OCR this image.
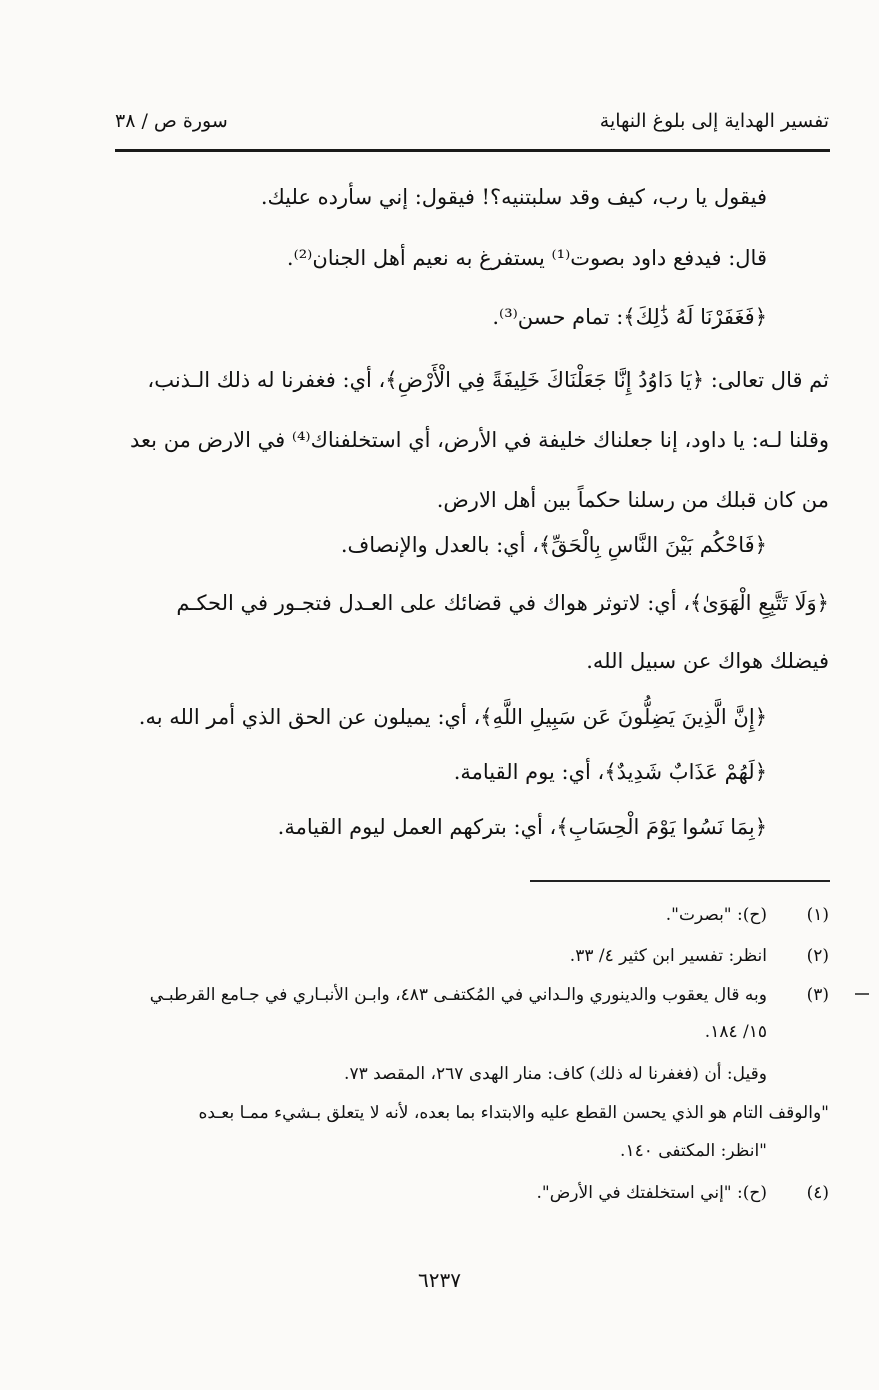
تفسير الهداية إلى بلوغ النهاية
سورة ص / ٣٨
فيقول يا رب، كيف وقد سلبتنيه؟! فيقول: إني سأرده عليك.
قال: فيدفع داود بصوت⁽¹⁾ يستفرغ به نعيم أهل الجنان⁽²⁾.
﴿فَغَفَرْنَا لَهُ ذَٰلِكَ﴾: تمام حسن⁽³⁾.
ثم قال تعالى: ﴿يَا دَاوُدُ إِنَّا جَعَلْنَاكَ خَلِيفَةً فِي الْأَرْضِ﴾، أي: فغفرنا له ذلك الـذنب،
وقلنا لـه: يا داود، إنا جعلناك خليفة في الأرض، أي استخلفناك⁽⁴⁾ في الارض من بعد
من كان قبلك من رسلنا حكماً بين أهل الارض.
﴿فَاحْكُم بَيْنَ النَّاسِ بِالْحَقِّ﴾، أي: بالعدل والإنصاف.
﴿وَلَا تَتَّبِعِ الْهَوَىٰ﴾، أي: لاتوثر هواك في قضائك على العـدل فتجـور في الحكـم
فيضلك هواك عن سبيل الله.
﴿إِنَّ الَّذِينَ يَضِلُّونَ عَن سَبِيلِ اللَّهِ﴾، أي: يميلون عن الحق الذي أمر الله به.
﴿لَهُمْ عَذَابٌ شَدِيدٌ﴾، أي: يوم القيامة.
﴿بِمَا نَسُوا يَوْمَ الْحِسَابِ﴾، أي: بتركهم العمل ليوم القيامة.
(١)
(ح): "بصرت".
(٢)
انظر: تفسير ابن كثير ٤/ ٣٣.
(٣)
وبه قال يعقوب والدينوري والـداني في المُكتفـى ٤٨٣، وابـن الأنبـاري في جـامع القرطبـي
١٥/ ١٨٤.
وقيل: أن (فغفرنا له ذلك) كاف: منار الهدى ٢٦٧، المقصد ٧٣.
"والوقف التام هو الذي يحسن القطع عليه والابتداء بما بعده، لأنه لا يتعلق بـشيء ممـا بعـده
"انظر: المكتفى ١٤٠.
(٤)
(ح): "إني استخلفتك في الأرض".
٦٢٣٧
